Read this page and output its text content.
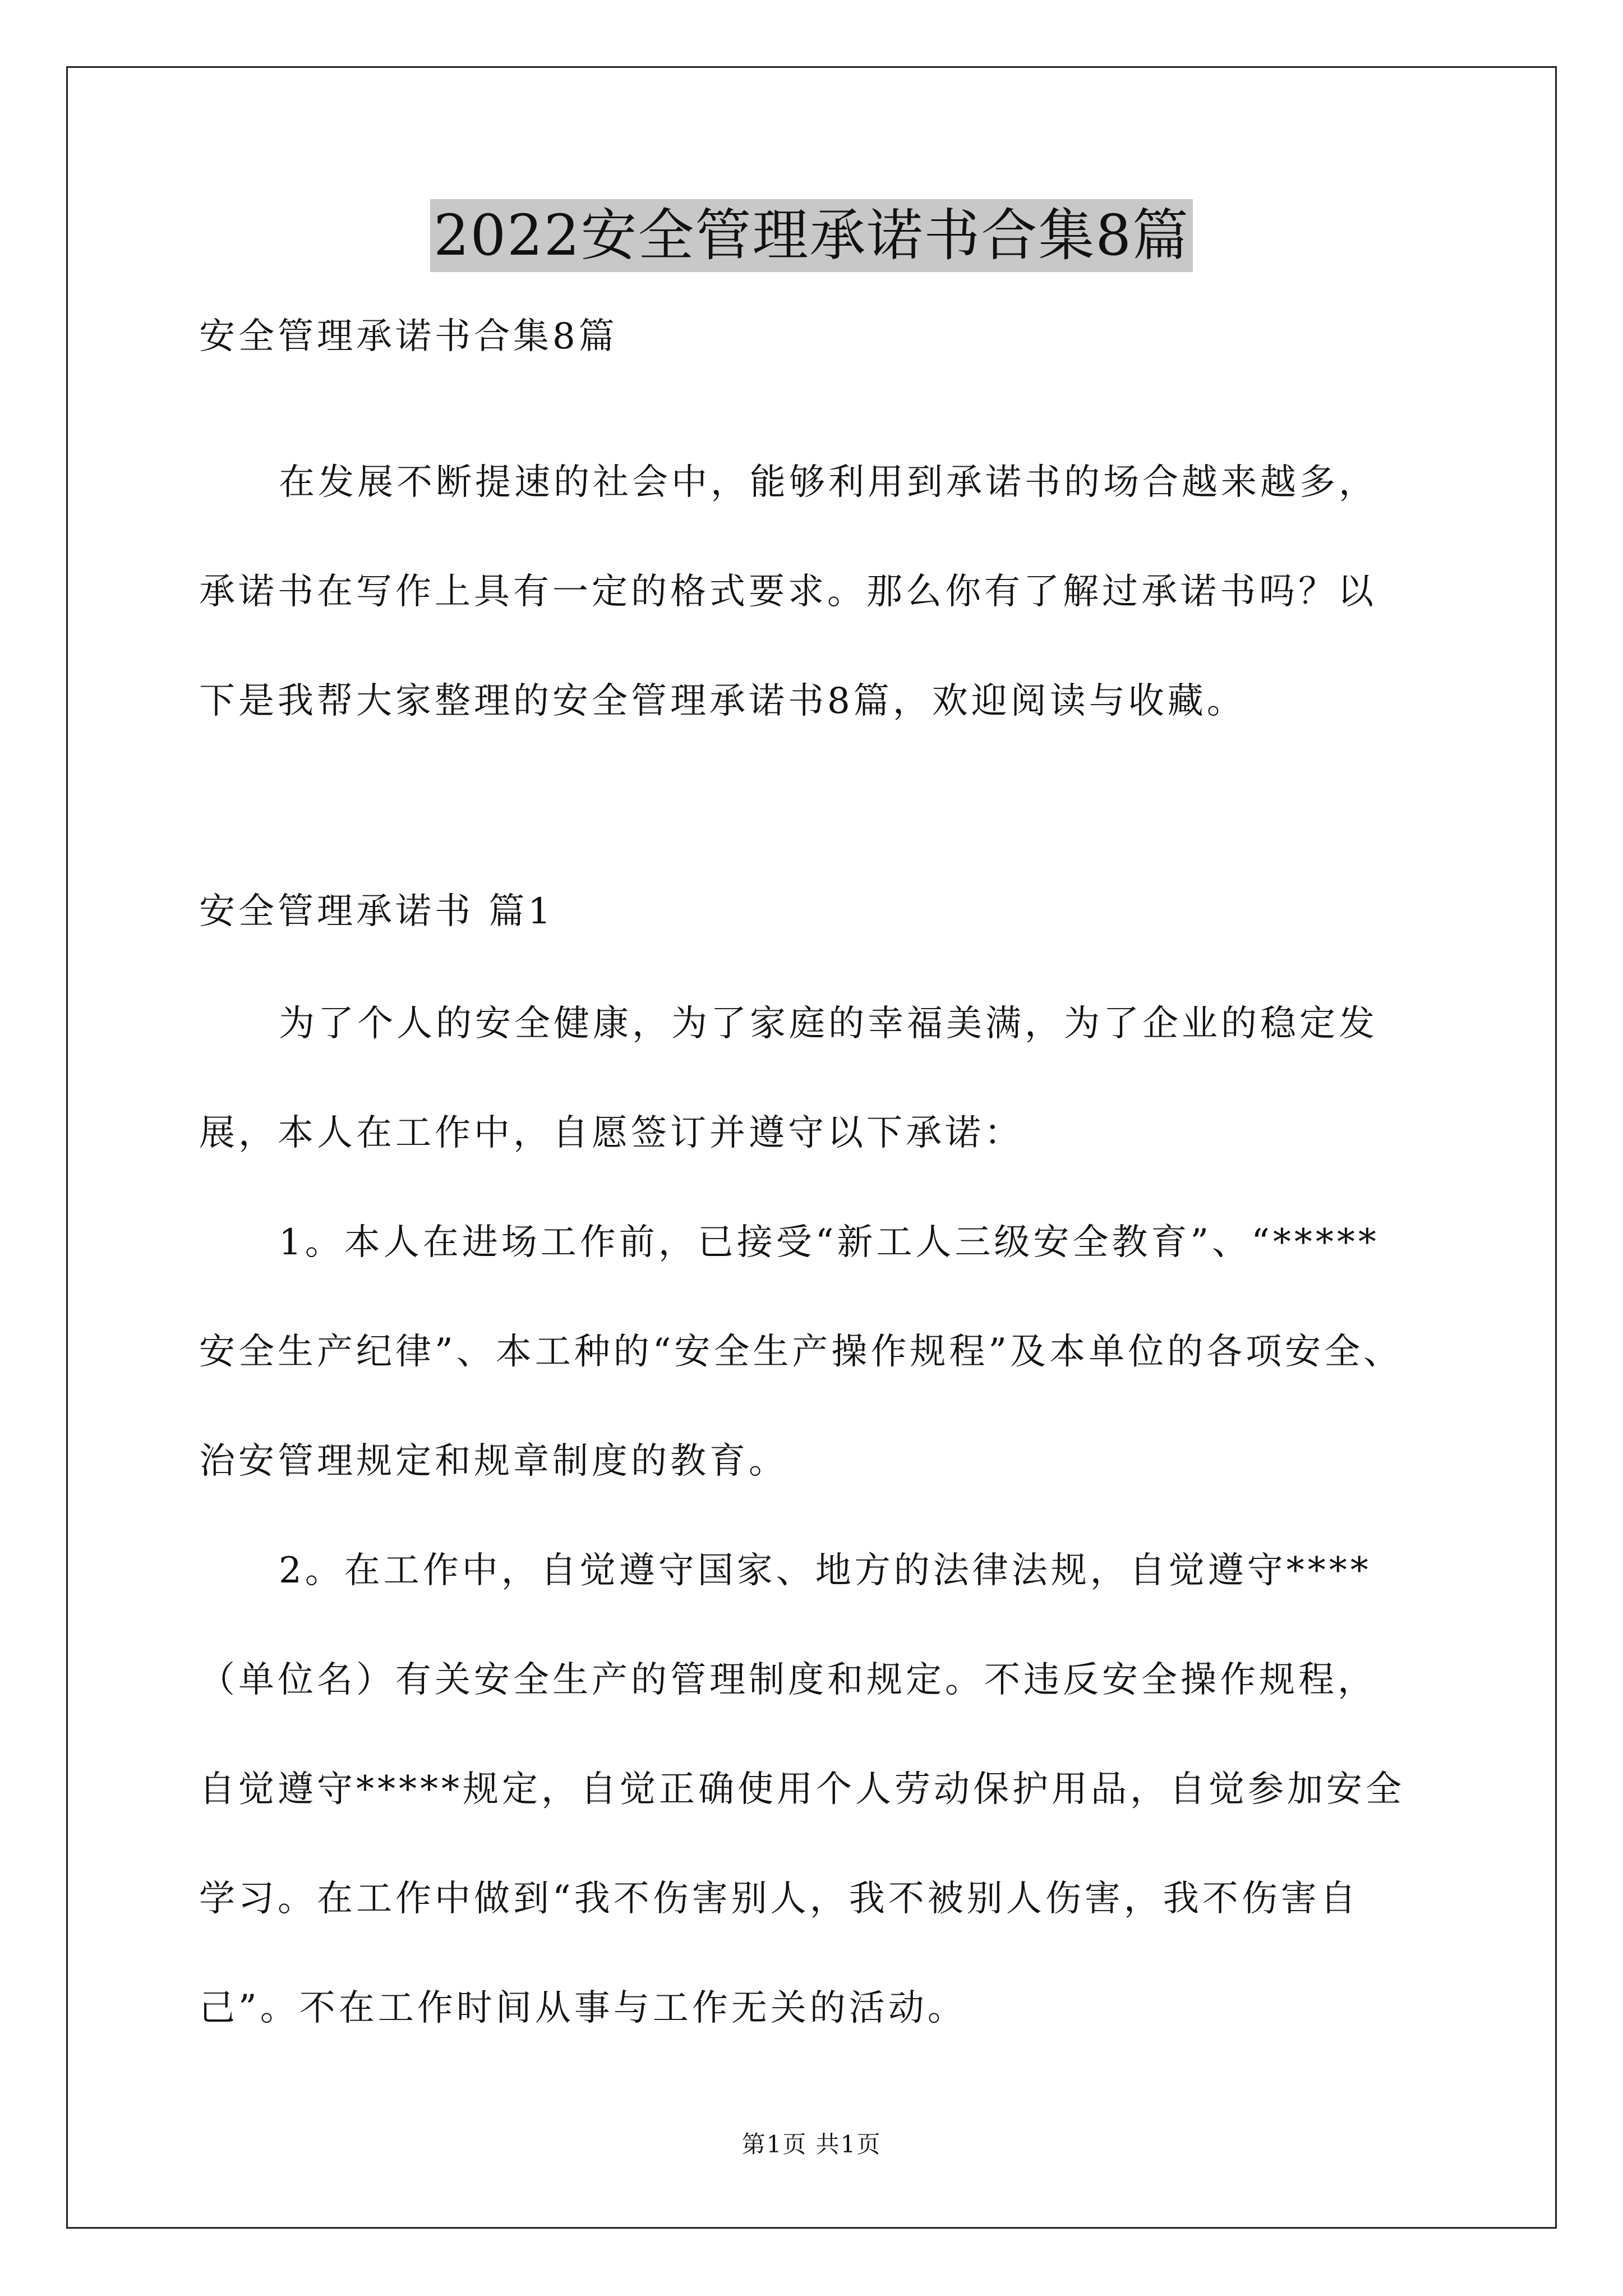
2022安全管理承诺书合集8篇
安全管理承诺书合集8篇
在发展不断提速的社会中，能够利用到承诺书的场合越来越多，
承诺书在写作上具有一定的格式要求。那么你有了解过承诺书吗？以
下是我帮大家整理的安全管理承诺书8篇，欢迎阅读与收藏。
安全管理承诺书 篇1
为了个人的安全健康，为了家庭的幸福美满，为了企业的稳定发
展，本人在工作中，自愿签订并遵守以下承诺：
1。本人在进场工作前，已接受“新工人三级安全教育”、“*****
安全生产纪律”、本工种的“安全生产操作规程”及本单位的各项安全、
治安管理规定和规章制度的教育。
2。在工作中，自觉遵守国家、地方的法律法规，自觉遵守****
（单位名）有关安全生产的管理制度和规定。不违反安全操作规程，
自觉遵守*****规定，自觉正确使用个人劳动保护用品，自觉参加安全
学习。在工作中做到“我不伤害别人，我不被别人伤害，我不伤害自
己”。不在工作时间从事与工作无关的活动。
第1页 共1页
